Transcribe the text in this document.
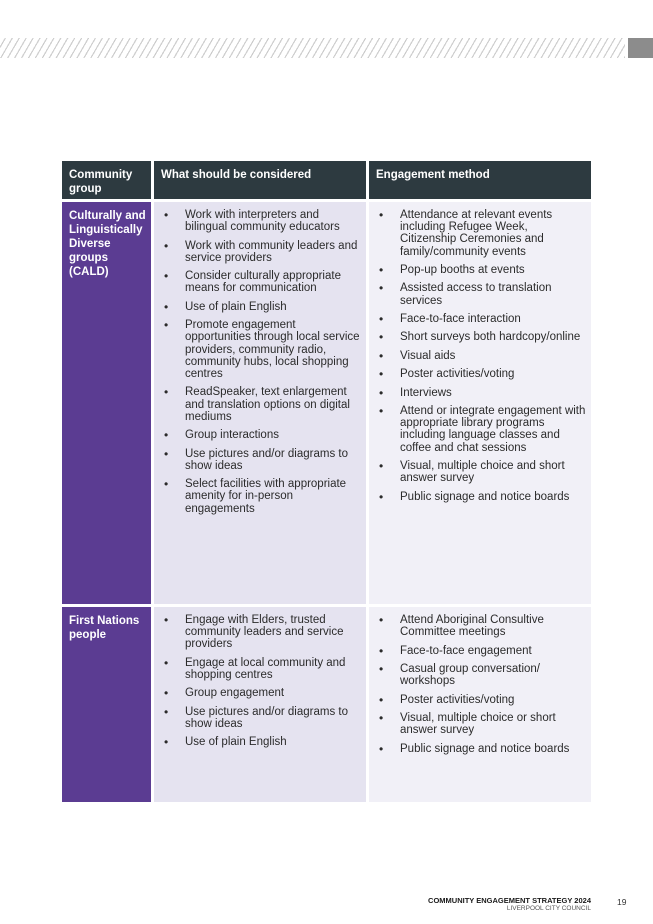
Community group
What should be considered	Engagement method
Culturally and Linguistically Diverse groups (CALD)
• Work with interpreters and bilingual community educators
• Work with community leaders and service providers
• Consider culturally appropriate means for communication
• Use of plain English
• Promote engagement opportunities through local service providers, community radio, community hubs, local shopping centres
• ReadSpeaker, text enlargement and translation options on digital mediums
• Group interactions
• Use pictures and/or diagrams to show ideas
• Select facilities with appropriate amenity for in-person engagements
• Attendance at relevant events including Refugee Week, Citizenship Ceremonies and family/community events
• Pop-up booths at events
• Assisted access to translation services
• Face-to-face interaction
• Short surveys both hardcopy/online
• Visual aids
• Poster activities/voting
• Interviews
• Attend or integrate engagement with appropriate library programs including language classes and coffee and chat sessions
• Visual, multiple choice and short answer survey
• Public signage and notice boards
First Nations people
• Engage with Elders, trusted community leaders and service providers
• Engage at local community and shopping centres
• Group engagement
• Use pictures and/or diagrams to show ideas
• Use of plain English
• Attend Aboriginal Consultive Committee meetings
• Face-to-face engagement
• Casual group conversation/ workshops
• Poster activities/voting
• Visual, multiple choice or short answer survey
• Public signage and notice boards
COMMUNITY ENGAGEMENT STRATEGY 2024
LIVERPOOL CITY COUNCIL
19
